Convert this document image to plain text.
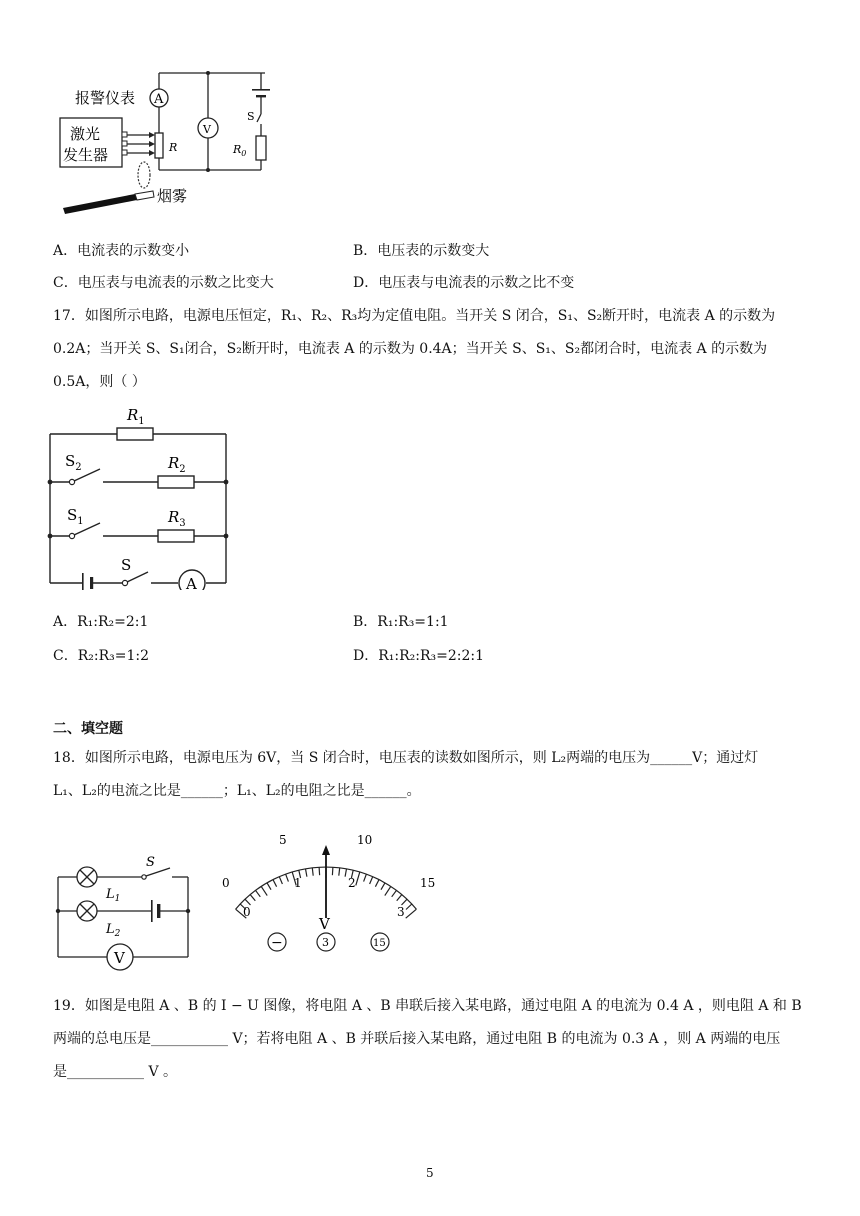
A
V
报警仪表
激光
发生器	R	$R_0$
S
烟雾
A．电流表的示数变小	B．电压表的示数变大
C．电压表与电流表的示数之比变大	D．电压表与电流表的示数之比不变
17．如图所示电路，电源电压恒定，R₁、R₂、R₃均为定值电阻。当开关 S 闭合，S₁、S₂断开时，电流表 A 的示数为
0.2A；当开关 S、S₁闭合，S₂断开时，电流表 A 的示数为 0.4A；当开关 S、S₁、S₂都闭合时，电流表 A 的示数为
0.5A，则（ ）
A
$R_1$
$R_2$
$R_3$
$S_2$
$S_1$
S
A．R₁:R₂=2:1	B．R₁:R₃=1:1
C．R₂:R₃=1:2	D．R₁:R₂:R₃=2:2:1
二、填空题
18．如图所示电路，电源电压为 6V，当 S 闭合时，电压表的读数如图所示，则 L₂两端的电压为______V；通过灯
L₁、L₂的电流之比是______；L₁、L₂的电阻之比是______。
S
$L_1$
$L_2$
V
0
5	10
15
0
1	2
3
V
−	3	15
19．如图是电阻 A 、B 的 I − U 图像，将电阻 A 、B 串联后接入某电路，通过电阻 A 的电流为 0.4 A ，则电阻 A 和 B
两端的总电压是___________ V；若将电阻 A 、B 并联后接入某电路，通过电阻 B 的电流为 0.3 A ，则 A 两端的电压
是___________ V 。
5
